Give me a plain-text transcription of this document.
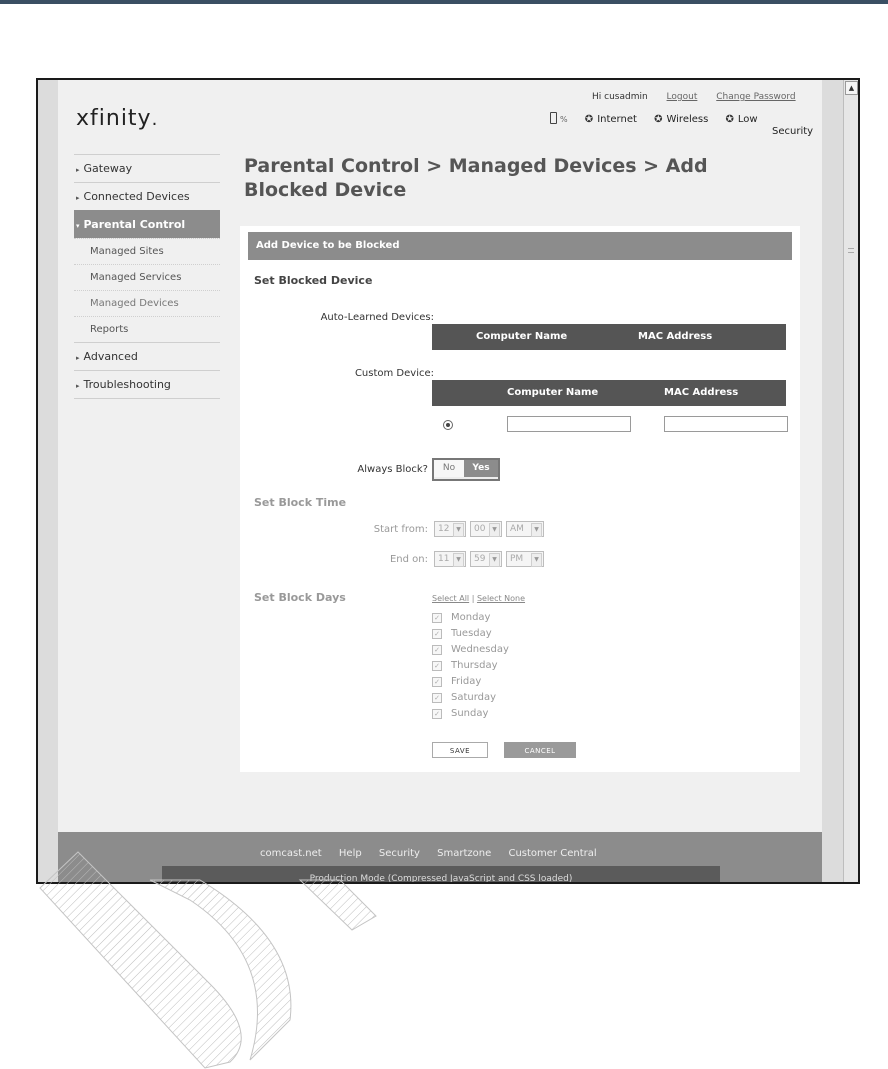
xfinity.
Hi cusadmin Logout Change Password
% ✪ Internet ✪ Wireless ✪ Low
Security
▸ Gateway
▸ Connected Devices
▾ Parental Control
Managed Sites
Managed Services
Managed Devices
Reports
▸ Advanced
▸ Troubleshooting
Parental Control > Managed Devices > Add Blocked Device
Add Device to be Blocked
Set Blocked Device
Auto-Learned Devices:
Computer Name	MAC Address
Custom Device:
Computer Name	MAC Address
Always Block?	No	Yes
Set Block Time
Start from:	12	▼	00	▼	AM	▼
End on:	11	▼	59	▼	PM	▼
Set Block Days	Select All | Select None
✓ Monday
✓ Tuesday
✓ Wednesday
✓ Thursday
✓ Friday
✓ Saturday
✓ Sunday
SAVE	CANCEL
comcast.net Help Security Smartzone Customer Central
Production Mode (Compressed JavaScript and CSS loaded)
▲
